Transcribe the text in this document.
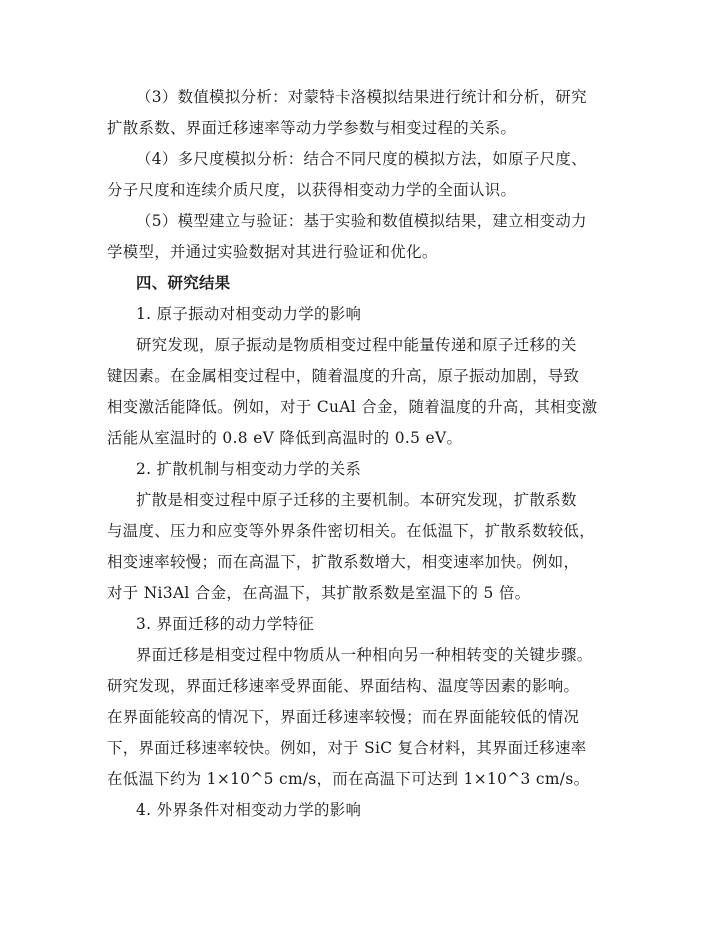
（3）数值模拟分析：对蒙特卡洛模拟结果进行统计和分析，研究
扩散系数、界面迁移速率等动力学参数与相变过程的关系。
（4）多尺度模拟分析：结合不同尺度的模拟方法，如原子尺度、
分子尺度和连续介质尺度，以获得相变动力学的全面认识。
（5）模型建立与验证：基于实验和数值模拟结果，建立相变动力
学模型，并通过实验数据对其进行验证和优化。
四、研究结果
1. 原子振动对相变动力学的影响
研究发现，原子振动是物质相变过程中能量传递和原子迁移的关
键因素。在金属相变过程中，随着温度的升高，原子振动加剧，导致
相变激活能降低。例如，对于 CuAl 合金，随着温度的升高，其相变激
活能从室温时的 0.8 eV 降低到高温时的 0.5 eV。
2. 扩散机制与相变动力学的关系
扩散是相变过程中原子迁移的主要机制。本研究发现，扩散系数
与温度、压力和应变等外界条件密切相关。在低温下，扩散系数较低，
相变速率较慢；而在高温下，扩散系数增大，相变速率加快。例如，
对于 Ni3Al 合金，在高温下，其扩散系数是室温下的 5 倍。
3. 界面迁移的动力学特征
界面迁移是相变过程中物质从一种相向另一种相转变的关键步骤。
研究发现，界面迁移速率受界面能、界面结构、温度等因素的影响。
在界面能较高的情况下，界面迁移速率较慢；而在界面能较低的情况
下，界面迁移速率较快。例如，对于 SiC 复合材料，其界面迁移速率
在低温下约为 1×10^5 cm/s，而在高温下可达到 1×10^3 cm/s。
4. 外界条件对相变动力学的影响
